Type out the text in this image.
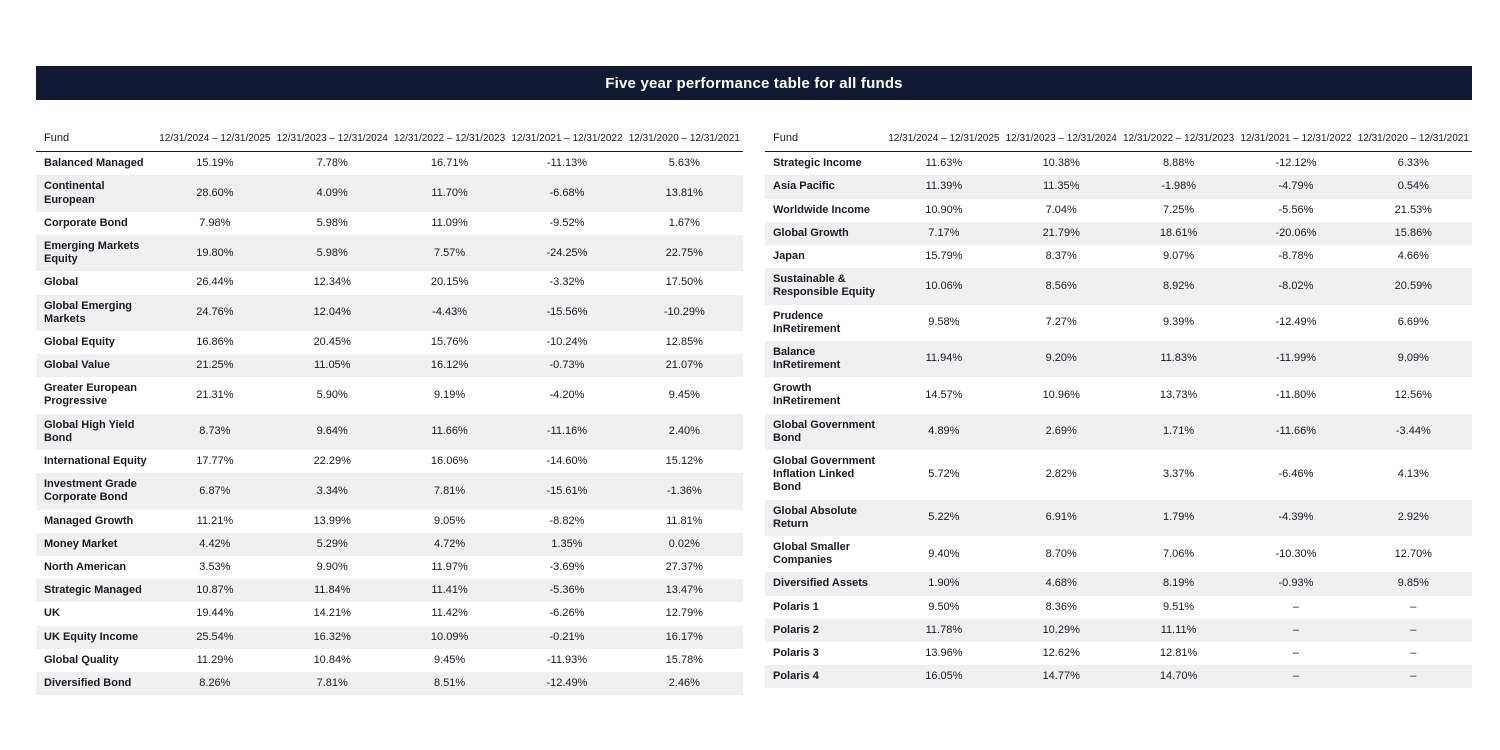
Five year performance table for all funds
Fund	12/31/2024 – 12/31/2025	12/31/2023 – 12/31/2024	12/31/2022 – 12/31/2023	12/31/2021 – 12/31/2022	12/31/2020 – 12/31/2021
Balanced Managed	15.19%	7.78%	16.71%	-11.13%	5.63%
Continental European	28.60%	4.09%	11.70%	-6.68%	13.81%
Corporate Bond	7.98%	5.98%	11.09%	-9.52%	1.67%
Emerging Markets Equity	19.80%	5.98%	7.57%	-24.25%	22.75%
Global	26.44%	12.34%	20.15%	-3.32%	17.50%
Global Emerging Markets	24.76%	12.04%	-4.43%	-15.56%	-10.29%
Global Equity	16.86%	20.45%	15.76%	-10.24%	12.85%
Global Value	21.25%	11.05%	16.12%	-0.73%	21.07%
Greater European Progressive	21.31%	5.90%	9.19%	-4.20%	9.45%
Global High Yield Bond	8.73%	9.64%	11.66%	-11.16%	2.40%
International Equity	17.77%	22.29%	16.06%	-14.60%	15.12%
Investment Grade Corporate Bond	6.87%	3.34%	7.81%	-15.61%	-1.36%
Managed Growth	11.21%	13.99%	9.05%	-8.82%	11.81%
Money Market	4.42%	5.29%	4.72%	1.35%	0.02%
North American	3.53%	9.90%	11.97%	-3.69%	27.37%
Strategic Managed	10.87%	11.84%	11.41%	-5.36%	13.47%
UK	19.44%	14.21%	11.42%	-6.26%	12.79%
UK Equity Income	25.54%	16.32%	10.09%	-0.21%	16.17%
Global Quality	11.29%	10.84%	9.45%	-11.93%	15.78%
Diversified Bond	8.26%	7.81%	8.51%	-12.49%	2.46%
Fund	12/31/2024 – 12/31/2025	12/31/2023 – 12/31/2024	12/31/2022 – 12/31/2023	12/31/2021 – 12/31/2022	12/31/2020 – 12/31/2021
Strategic Income	11.63%	10.38%	8.88%	-12.12%	6.33%
Asia Pacific	11.39%	11.35%	-1.98%	-4.79%	0.54%
Worldwide Income	10.90%	7.04%	7.25%	-5.56%	21.53%
Global Growth	7.17%	21.79%	18.61%	-20.06%	15.86%
Japan	15.79%	8.37%	9.07%	-8.78%	4.66%
Sustainable & Responsible Equity	10.06%	8.56%	8.92%	-8.02%	20.59%
Prudence InRetirement	9.58%	7.27%	9.39%	-12.49%	6.69%
Balance InRetirement	11.94%	9.20%	11.83%	-11.99%	9.09%
Growth InRetirement	14.57%	10.96%	13.73%	-11.80%	12.56%
Global Government Bond	4.89%	2.69%	1.71%	-11.66%	-3.44%
Global Government Inflation Linked Bond	5.72%	2.82%	3.37%	-6.46%	4.13%
Global Absolute Return	5.22%	6.91%	1.79%	-4.39%	2.92%
Global Smaller Companies	9.40%	8.70%	7.06%	-10.30%	12.70%
Diversified Assets	1.90%	4.68%	8.19%	-0.93%	9.85%
Polaris 1	9.50%	8.36%	9.51%	–	–
Polaris 2	11.78%	10.29%	11.11%	–	–
Polaris 3	13.96%	12.62%	12.81%	–	–
Polaris 4	16.05%	14.77%	14.70%	–	–
